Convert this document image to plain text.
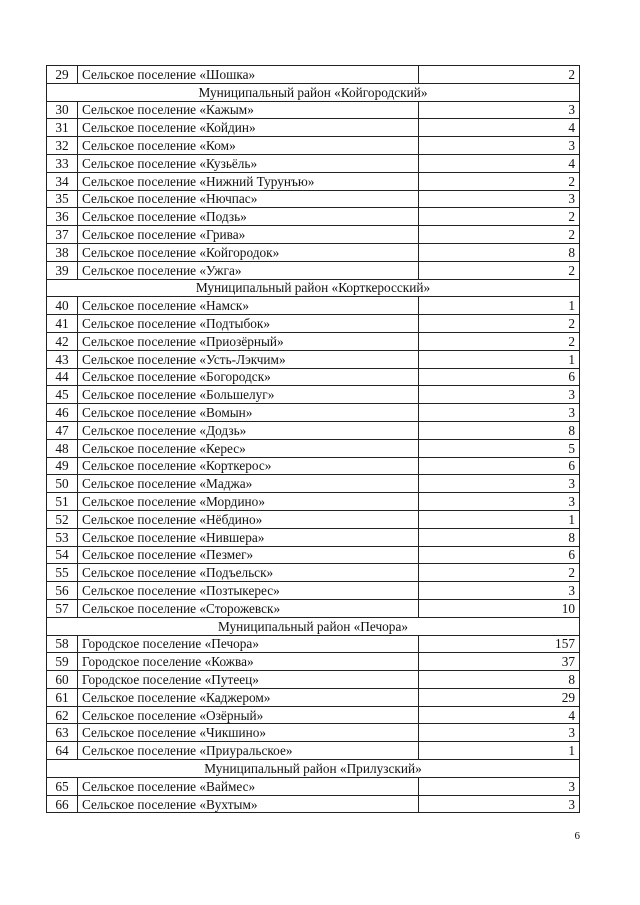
29	Сельское поселение «Шошка»	2
Муниципальный район «Койгородский»		
30	Сельское поселение «Кажым»	3
31	Сельское поселение «Койдин»	4
32	Сельское поселение «Ком»	3
33	Сельское поселение «Кузьёль»	4
34	Сельское поселение «Нижний Турунъю»	2
35	Сельское поселение «Нючпас»	3
36	Сельское поселение «Подзь»	2
37	Сельское поселение «Грива»	2
38	Сельское поселение «Койгородок»	8
39	Сельское поселение «Ужга»	2
Муниципальный район «Корткеросский»		
40	Сельское поселение «Намск»	1
41	Сельское поселение «Подтыбок»	2
42	Сельское поселение «Приозёрный»	2
43	Сельское поселение «Усть-Лэкчим»	1
44	Сельское поселение «Богородск»	6
45	Сельское поселение «Большелуг»	3
46	Сельское поселение «Вомын»	3
47	Сельское поселение «Додзь»	8
48	Сельское поселение «Керес»	5
49	Сельское поселение «Корткерос»	6
50	Сельское поселение «Маджа»	3
51	Сельское поселение «Мордино»	3
52	Сельское поселение «Нёбдино»	1
53	Сельское поселение «Нившера»	8
54	Сельское поселение «Пезмег»	6
55	Сельское поселение «Подъельск»	2
56	Сельское поселение «Позтыкерес»	3
57	Сельское поселение «Сторожевск»	10
Муниципальный район «Печора»		
58	Городское поселение «Печора»	157
59	Городское поселение «Кожва»	37
60	Городское поселение «Путеец»	8
61	Сельское поселение «Каджером»	29
62	Сельское поселение «Озёрный»	4
63	Сельское поселение «Чикшино»	3
64	Сельское поселение «Приуральское»	1
Муниципальный район «Прилузский»		
65	Сельское поселение «Ваймес»	3
66	Сельское поселение «Вухтым»	3
6
